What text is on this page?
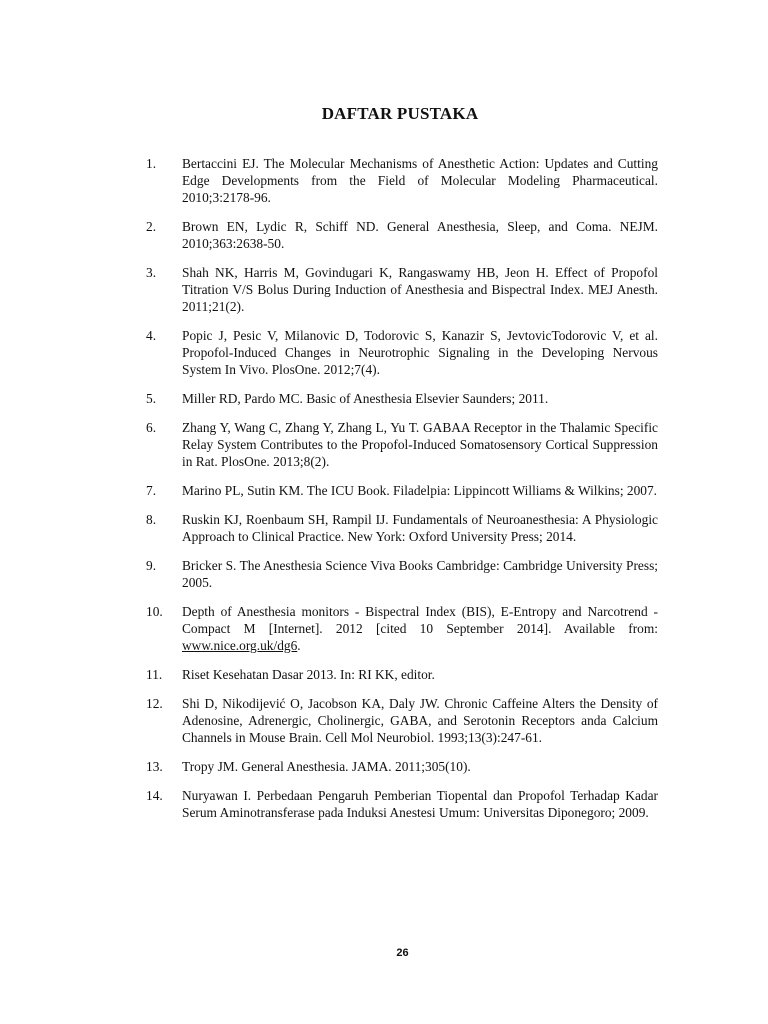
DAFTAR PUSTAKA
1.	Bertaccini EJ. The Molecular Mechanisms of Anesthetic Action: Updates and Cutting Edge Developments from the Field of Molecular Modeling Pharmaceutical. 2010;3:2178-96.
2.	Brown EN, Lydic R, Schiff ND. General Anesthesia, Sleep, and Coma. NEJM. 2010;363:2638-50.
3.	Shah NK, Harris M, Govindugari K, Rangaswamy HB, Jeon H. Effect of Propofol Titration V/S Bolus During Induction of Anesthesia and Bispectral Index. MEJ Anesth. 2011;21(2).
4.	Popic J, Pesic V, Milanovic D, Todorovic S, Kanazir S, JevtovicTodorovic V, et al. Propofol-Induced Changes in Neurotrophic Signaling in the Developing Nervous System In Vivo. PlosOne. 2012;7(4).
5.	Miller RD, Pardo MC. Basic of Anesthesia Elsevier Saunders; 2011.
6.	Zhang Y, Wang C, Zhang Y, Zhang L, Yu T. GABAA Receptor in the Thalamic Specific Relay System Contributes to the Propofol-Induced Somatosensory Cortical Suppression in Rat. PlosOne. 2013;8(2).
7.	Marino PL, Sutin KM. The ICU Book. Filadelpia: Lippincott Williams & Wilkins; 2007.
8.	Ruskin KJ, Roenbaum SH, Rampil IJ. Fundamentals of Neuroanesthesia: A Physiologic Approach to Clinical Practice. New York: Oxford University Press; 2014.
9.	Bricker S. The Anesthesia Science Viva Books Cambridge: Cambridge University Press; 2005.
10.	Depth of Anesthesia monitors - Bispectral Index (BIS), E-Entropy and Narcotrend - Compact M [Internet]. 2012 [cited 10 September 2014]. Available from: www.nice.org.uk/dg6.
11.	Riset Kesehatan Dasar 2013. In: RI KK, editor.
12.	Shi D, Nikodijević O, Jacobson KA, Daly JW. Chronic Caffeine Alters the Density of Adenosine, Adrenergic, Cholinergic, GABA, and Serotonin Receptors anda Calcium Channels in Mouse Brain. Cell Mol Neurobiol. 1993;13(3):247-61.
13.	Tropy JM. General Anesthesia. JAMA. 2011;305(10).
14.	Nuryawan I. Perbedaan Pengaruh Pemberian Tiopental dan Propofol Terhadap Kadar Serum Aminotransferase pada Induksi Anestesi Umum: Universitas Diponegoro; 2009.
26
